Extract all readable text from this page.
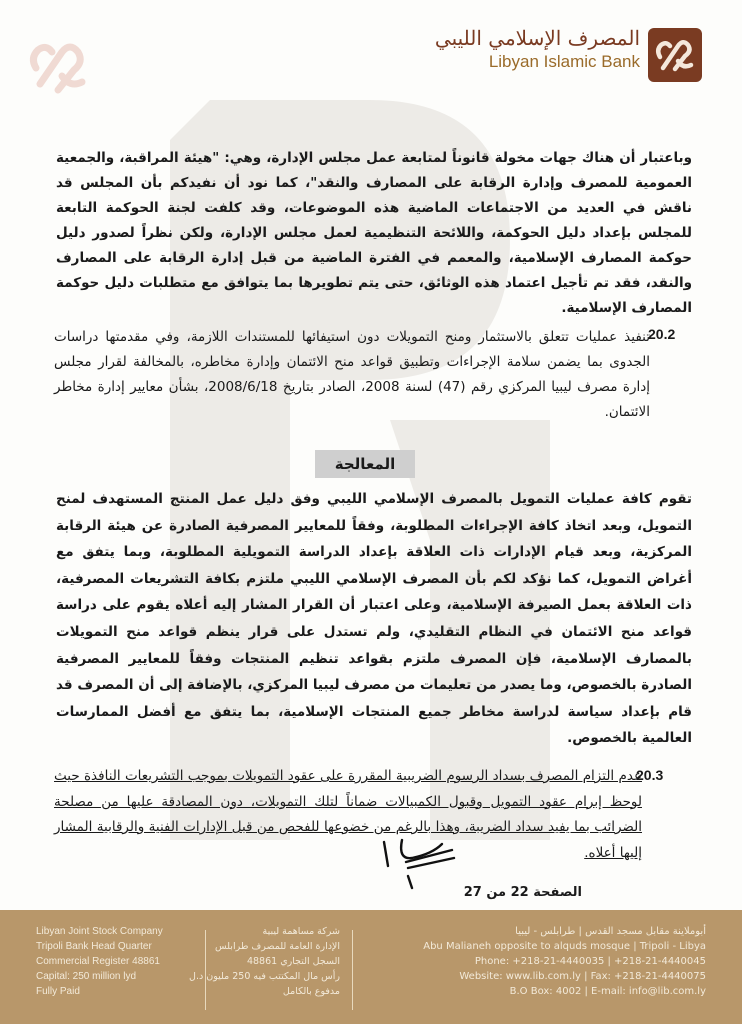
المصرف الإسلامي الليبي
Libyan Islamic Bank
وباعتبار أن هناك جهات مخولة قانوناً لمتابعة عمل مجلس الإدارة، وهي: "هيئة المراقبة، والجمعية العمومية للمصرف وإدارة الرقابة على المصارف والنقد"، كما نود أن نفيدكم بأن المجلس قد ناقش في العديد من الاجتماعات الماضية هذه الموضوعات، وقد كلفت لجنة الحوكمة التابعة للمجلس بإعداد دليل الحوكمة، واللائحة التنظيمية لعمل مجلس الإدارة، ولكن نظراً لصدور دليل حوكمة المصارف الإسلامية، والمعمم في الفترة الماضية من قبل إدارة الرقابة على المصارف والنقد، فقد تم تأجيل اعتماد هذه الوثائق، حتى يتم تطويرها بما يتوافق مع متطلبات دليل حوكمة المصارف الإسلامية.
20.2
تنفيذ عمليات تتعلق بالاستثمار ومنح التمويلات دون استيفائها للمستندات اللازمة، وفي مقدمتها دراسات الجدوى بما يضمن سلامة الإجراءات وتطبيق قواعد منح الائتمان وإدارة مخاطره، بالمخالفة لقرار مجلس إدارة مصرف ليبيا المركزي رقم (47) لسنة 2008، الصادر بتاريخ 2008/6/18، بشأن معايير إدارة مخاطر الائتمان.
المعالجة
تقوم كافة عمليات التمويل بالمصرف الإسلامي الليبي وفق دليل عمل المنتج المستهدف لمنح التمويل، وبعد اتخاذ كافة الإجراءات المطلوبة، وفقاً للمعايير المصرفية الصادرة عن هيئة الرقابة المركزية، وبعد قيام الإدارات ذات العلاقة بإعداد الدراسة التمويلية المطلوبة، وبما يتفق مع أغراض التمويل، كما نؤكد لكم بأن المصرف الإسلامي الليبي ملتزم بكافة التشريعات المصرفية، ذات العلاقة بعمل الصيرفة الإسلامية، وعلى اعتبار أن القرار المشار إليه أعلاه يقوم على دراسة قواعد منح الائتمان في النظام التقليدي، ولم تستدل على قرار ينظم قواعد منح التمويلات بالمصارف الإسلامية، فإن المصرف ملتزم بقواعد تنظيم المنتجات وفقاً للمعايير المصرفية الصادرة بالخصوص، وما يصدر من تعليمات من مصرف ليبيا المركزي، بالإضافة إلى أن المصرف قد قام بإعداد سياسة لدراسة مخاطر جميع المنتجات الإسلامية، بما يتفق مع أفضل الممارسات العالمية بالخصوص.
20.3
عدم التزام المصرف بسداد الرسوم الضريبية المقررة على عقود التمويلات بموجب التشريعات النافذة حيث لوحظ إبرام عقود التمويل وقبول الكمبيالات ضماناً لتلك التمويلات، دون المصادقة عليها من مصلحة الضرائب بما يفيد سداد الضريبة، وهذا بالرغم من خضوعها للفحص من قبل الإدارات الفنية والرقابية المشار إليها أعلاه.
الصفحة 22 من 27
Libyan Joint Stock Company
Tripoli Bank Head Quarter
Commercial Register 48861
Capital: 250 million lyd
Fully Paid
شركة مساهمة ليبية
الإدارة العامة للمصرف طرابلس
السجل التجاري 48861
رأس مال المكتتب فيه 250 مليون د.ل
مدفوع بالكامل
أبوملاينة مقابل مسجد القدس | طرابلس - ليبيا
Abu Malianeh opposite to alquds mosque | Tripoli - Libya
Phone: +218-21-4440035 | +218-21-4440045
Website: www.lib.com.ly | Fax: +218-21-4440075
B.O Box: 4002 | E-mail: info@lib.com.ly
